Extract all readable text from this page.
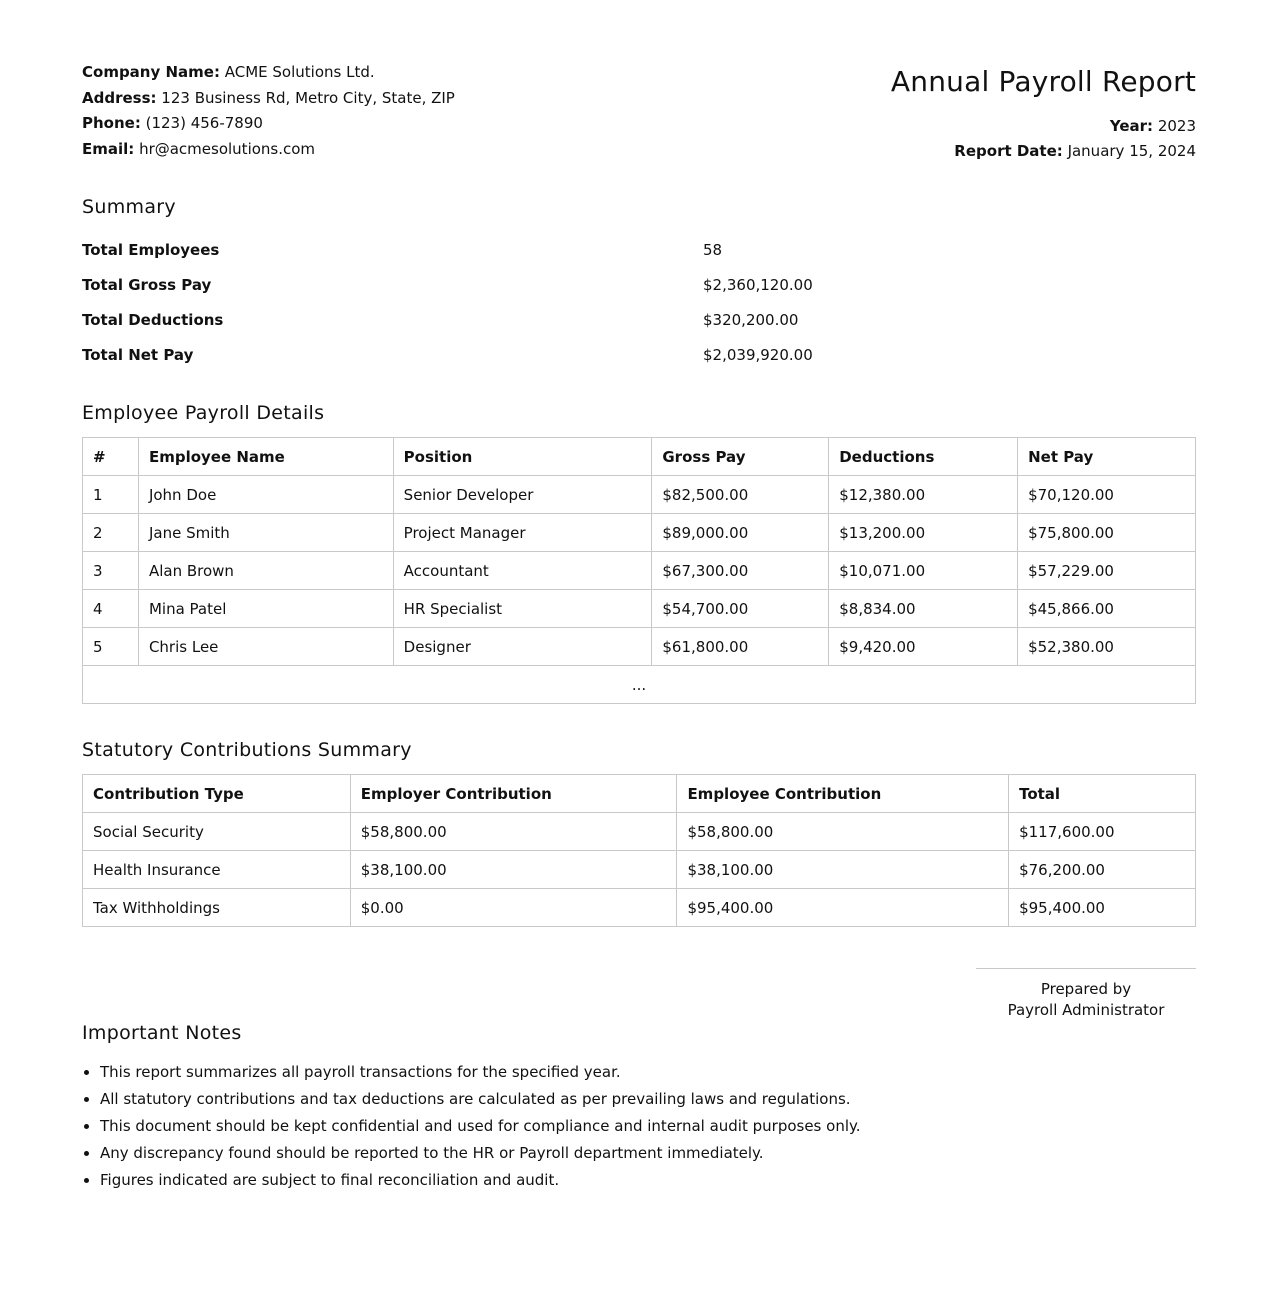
Company Name: ACME Solutions Ltd.
Address: 123 Business Rd, Metro City, State, ZIP
Phone: (123) 456-7890
Email: hr@acmesolutions.com
Annual Payroll Report
Year: 2023
Report Date: January 15, 2024
Summary
Total Employees	58
Total Gross Pay	$2,360,120.00
Total Deductions	$320,200.00
Total Net Pay	$2,039,920.00
Employee Payroll Details
#	Employee Name	Position	Gross Pay	Deductions	Net Pay
1	John Doe	Senior Developer	$82,500.00	$12,380.00	$70,120.00
2	Jane Smith	Project Manager	$89,000.00	$13,200.00	$75,800.00
3	Alan Brown	Accountant	$67,300.00	$10,071.00	$57,229.00
4	Mina Patel	HR Specialist	$54,700.00	$8,834.00	$45,866.00
5	Chris Lee	Designer	$61,800.00	$9,420.00	$52,380.00
...					
Statutory Contributions Summary
Contribution Type	Employer Contribution	Employee Contribution	Total
Social Security	$58,800.00	$58,800.00	$117,600.00
Health Insurance	$38,100.00	$38,100.00	$76,200.00
Tax Withholdings	$0.00	$95,400.00	$95,400.00
Prepared by
Payroll Administrator
Important Notes
• This report summarizes all payroll transactions for the specified year.
• All statutory contributions and tax deductions are calculated as per prevailing laws and regulations.
• This document should be kept confidential and used for compliance and internal audit purposes only.
• Any discrepancy found should be reported to the HR or Payroll department immediately.
• Figures indicated are subject to final reconciliation and audit.
